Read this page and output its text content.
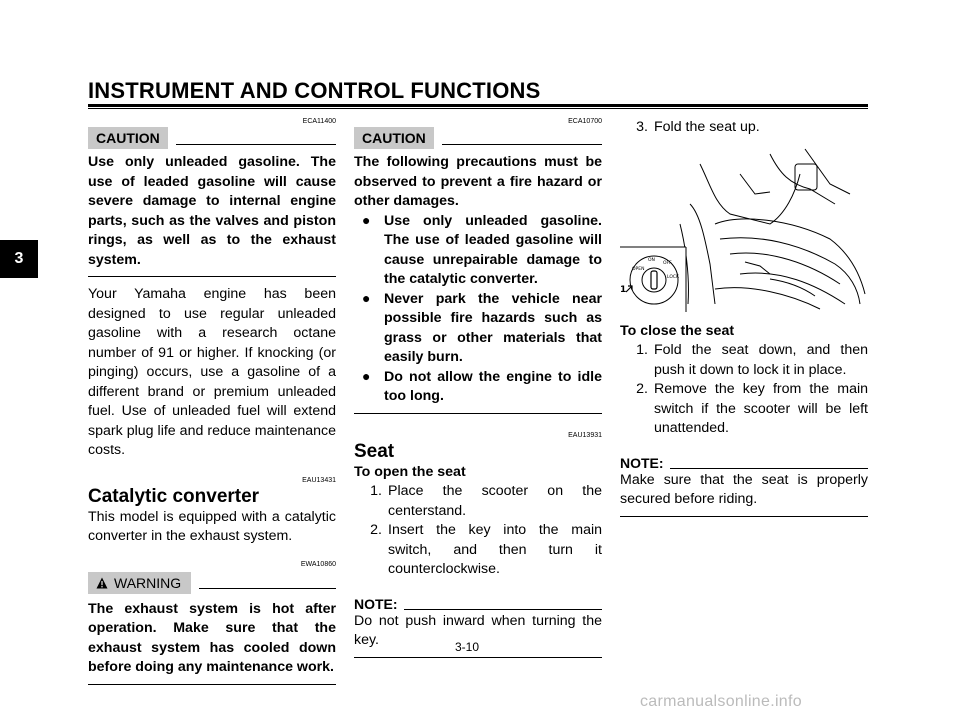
INSTRUMENT AND CONTROL FUNCTIONS
3
ECA11400
CAUTION

Use only unleaded gasoline. The use of leaded gasoline will cause severe damage to internal engine parts, such as the valves and piston rings, as well as to the exhaust system.

Your Yamaha engine has been designed to use regular unleaded gasoline with a research octane number of 91 or higher. If knocking (or pinging) occurs, use a gasoline of a different brand or premium unleaded fuel. Use of unleaded fuel will extend spark plug life and reduce maintenance costs.

EAU13431
Catalytic converter

This model is equipped with a catalytic converter in the exhaust system.

EWA10860
WARNING

The exhaust system is hot after operation. Make sure that the exhaust system has cooled down before doing any maintenance work.

ECA10700
CAUTION

The following precautions must be observed to prevent a fire hazard or other damages.

● Use only unleaded gasoline. The use of leaded gasoline will cause unrepairable damage to the catalytic converter.

● Never park the vehicle near possible fire hazards such as grass or other materials that easily burn.

● Do not allow the engine to idle too long.

EAU13931
Seat
To open the seat
1. Place the scooter on the centerstand.

2. Insert the key into the main switch, and then turn it counterclockwise.

NOTE:

Do not push inward when turning the key.

3. Fold the seat up.

OPEN
ON
OFF
LOCK
1
To close the seat
1. Fold the seat down, and then push it down to lock it in place.

2. Remove the key from the main switch if the scooter will be left unattended.

NOTE:

Make sure that the seat is properly secured before riding.

3-10
carmanualsonline.info
